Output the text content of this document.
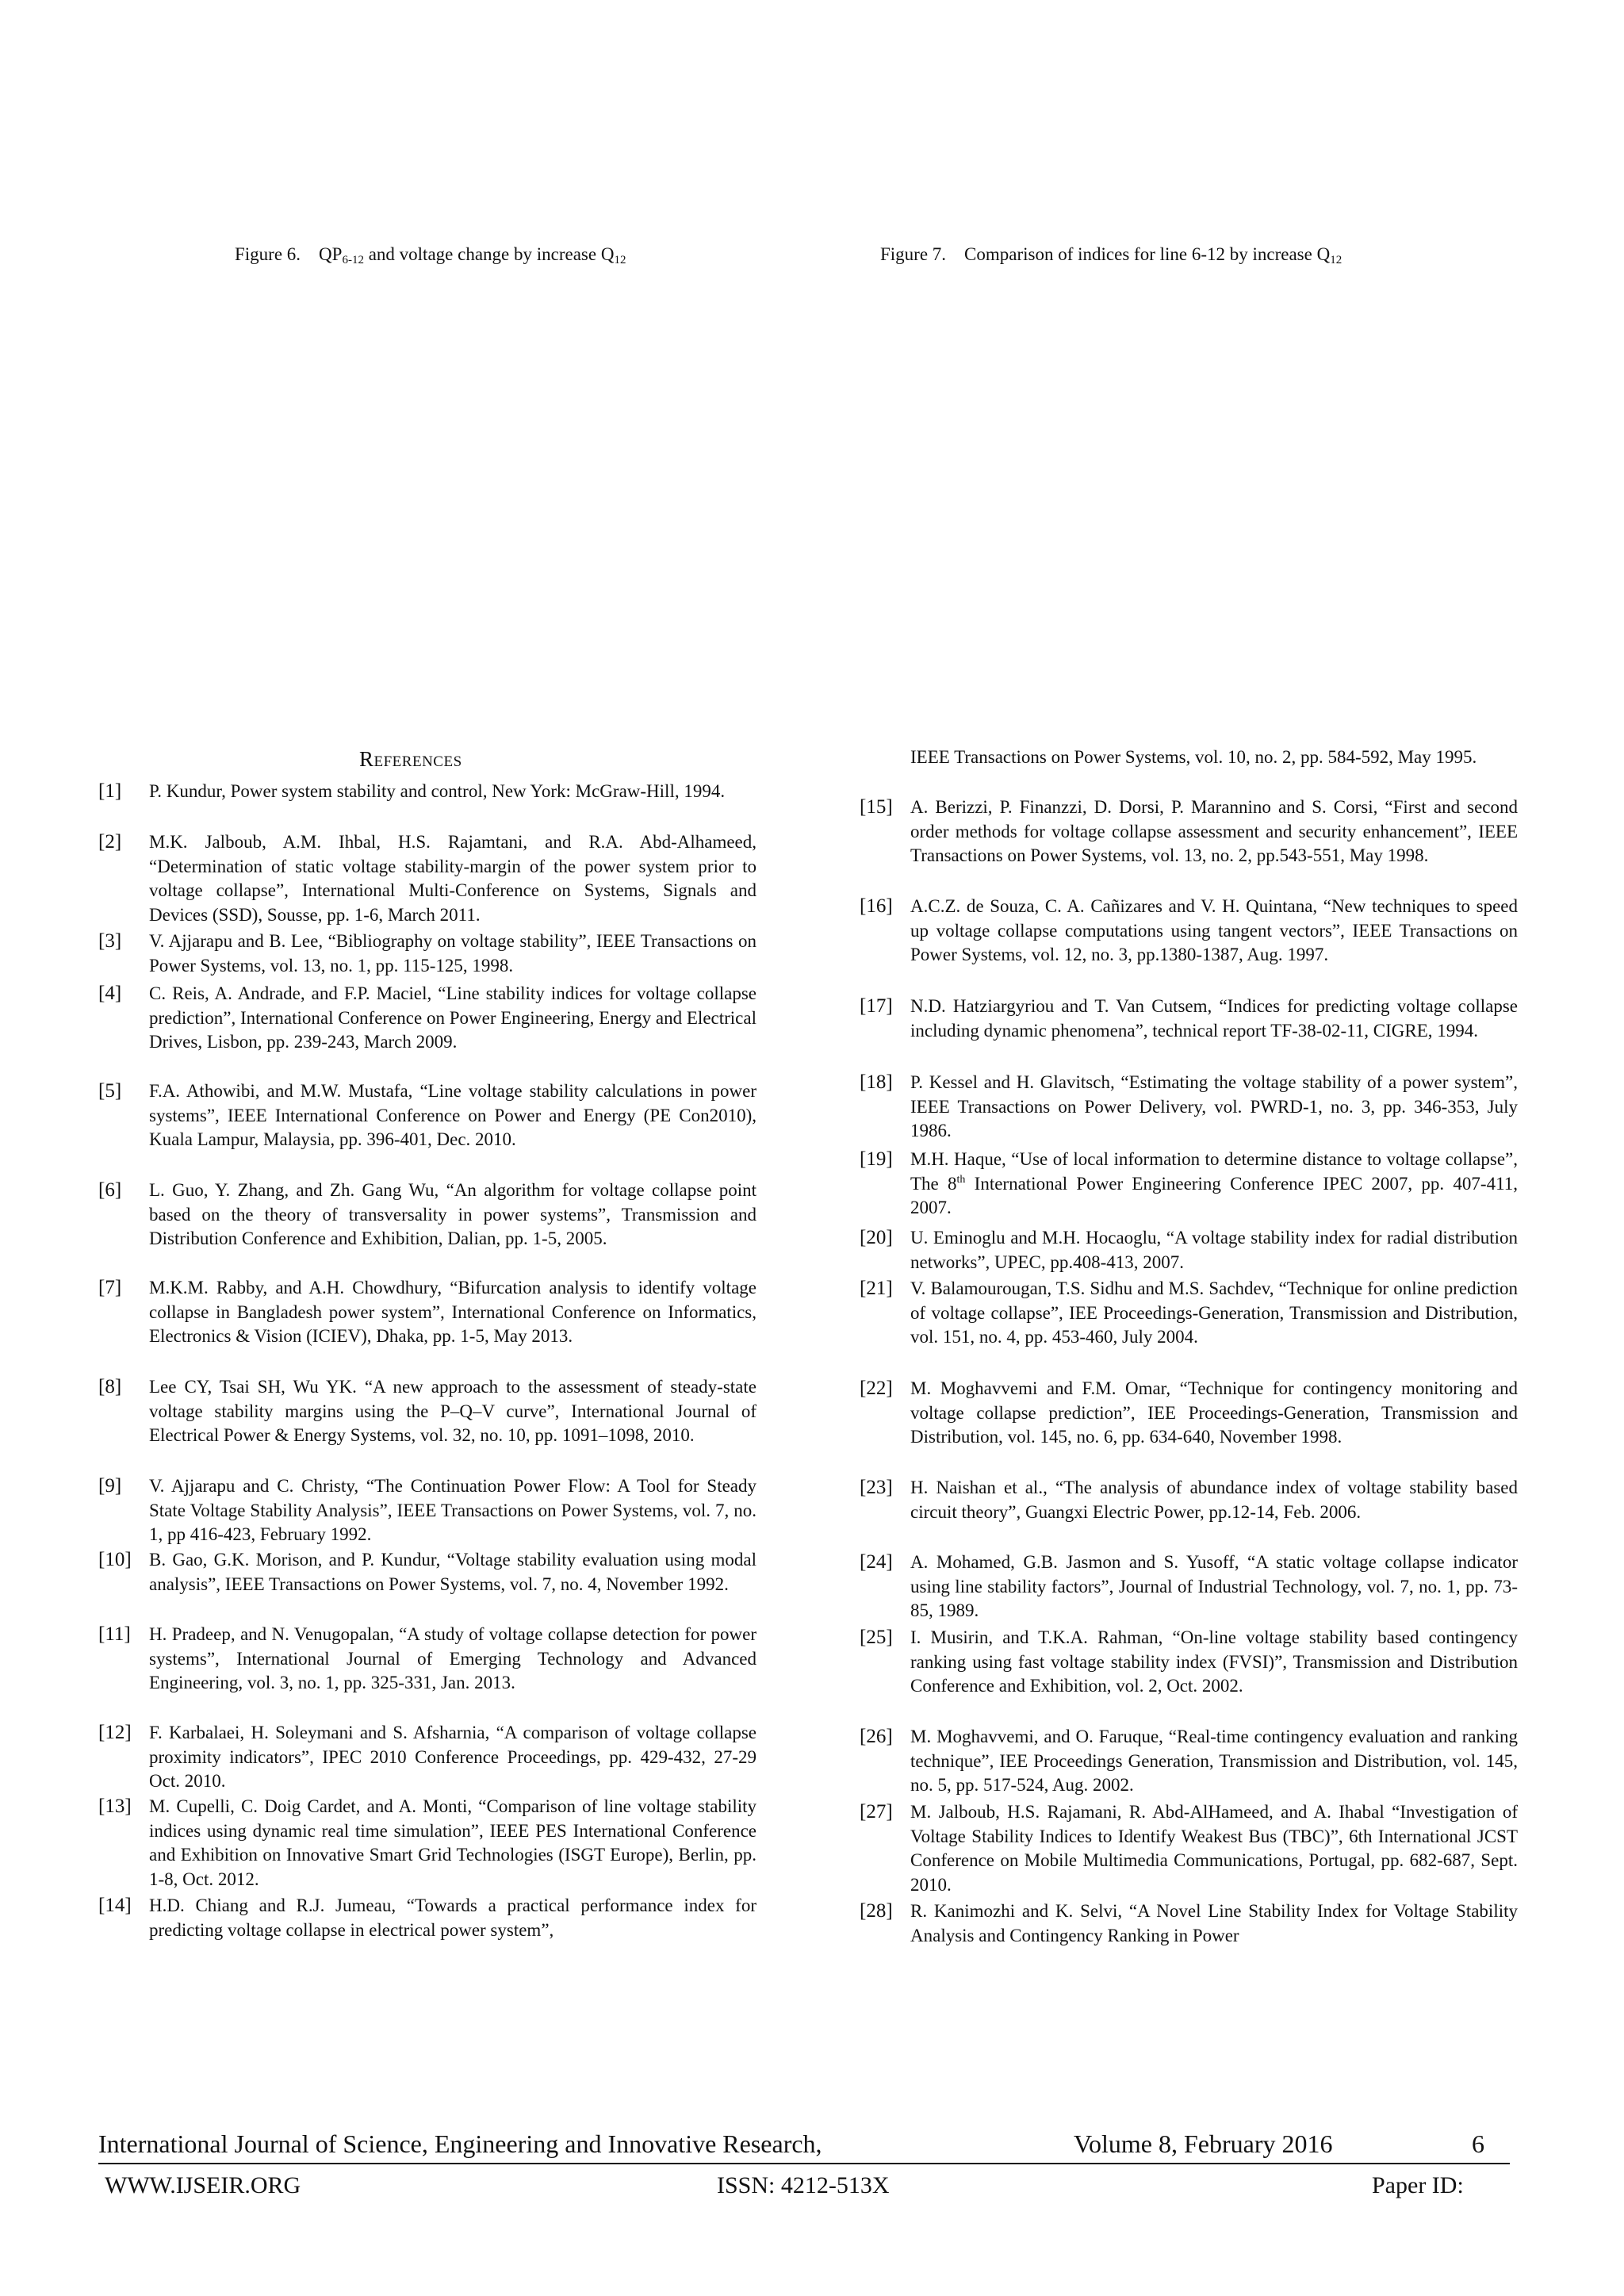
Figure 6. $QP_{6-12}$ and voltage change by increase $Q_{12}$	Figure 7. Comparison of indices for line 6-12 by increase $Q_{12}$
References
[1]	P. Kundur, Power system stability and control, New York: McGraw-Hill, 1994.
[2]	M.K. Jalboub, A.M. Ihbal, H.S. Rajamtani, and R.A. Abd-Alhameed, “Determination of static voltage stability-margin of the power system prior to voltage collapse”, International Multi-Conference on Systems, Signals and Devices (SSD), Sousse, pp. 1-6, March 2011.
[3]	V. Ajjarapu and B. Lee, “Bibliography on voltage stability”, IEEE Transactions on Power Systems, vol. 13, no. 1, pp. 115-125, 1998.
[4]	C. Reis, A. Andrade, and F.P. Maciel, “Line stability indices for voltage collapse prediction”, International Conference on Power Engineering, Energy and Electrical Drives, Lisbon, pp. 239-243, March 2009.
[5]	F.A. Athowibi, and M.W. Mustafa, “Line voltage stability calculations in power systems”, IEEE International Conference on Power and Energy (PE Con2010), Kuala Lampur, Malaysia, pp. 396-401, Dec. 2010.
[6]	L. Guo, Y. Zhang, and Zh. Gang Wu, “An algorithm for voltage collapse point based on the theory of transversality in power systems”, Transmission and Distribution Conference and Exhibition, Dalian, pp. 1-5, 2005.
[7]	M.K.M. Rabby, and A.H. Chowdhury, “Bifurcation analysis to identify voltage collapse in Bangladesh power system”, International Conference on Informatics, Electronics & Vision (ICIEV), Dhaka, pp. 1-5, May 2013.
[8]	Lee CY, Tsai SH, Wu YK. “A new approach to the assessment of steady-state voltage stability margins using the P–Q–V curve”, International Journal of Electrical Power & Energy Systems, vol. 32, no. 10, pp. 1091–1098, 2010.
[9]	V. Ajjarapu and C. Christy, “The Continuation Power Flow: A Tool for Steady State Voltage Stability Analysis”, IEEE Transactions on Power Systems, vol. 7, no. 1, pp 416-423, February 1992.
[10] B. Gao, G.K. Morison, and P. Kundur, “Voltage stability evaluation using modal analysis”, IEEE Transactions on Power Systems, vol. 7, no. 4, November 1992.
[11]	H. Pradeep, and N. Venugopalan, “A study of voltage collapse detection for power systems”, International Journal of Emerging Technology and Advanced Engineering, vol. 3, no. 1, pp. 325-331, Jan. 2013.
[12] F. Karbalaei, H. Soleymani and S. Afsharnia, “A comparison of voltage collapse proximity indicators”, IPEC 2010 Conference Proceedings, pp. 429-432, 27-29 Oct. 2010.
[13] M. Cupelli, C. Doig Cardet, and A. Monti, “Comparison of line voltage stability indices using dynamic real time simulation”, IEEE PES International Conference and Exhibition on Innovative Smart Grid Technologies (ISGT Europe), Berlin, pp. 1-8, Oct. 2012.
[14] H.D. Chiang and R.J. Jumeau, “Towards a practical performance index for predicting voltage collapse in electrical power system”,
IEEE Transactions on Power Systems, vol. 10, no. 2, pp. 584-592, May 1995.
[15] A. Berizzi, P. Finanzzi, D. Dorsi, P. Marannino and S. Corsi, “First and second order methods for voltage collapse assessment and security enhancement”, IEEE Transactions on Power Systems, vol. 13, no. 2, pp.543-551, May 1998.
[16] A.C.Z. de Souza, C. A. Cañizares and V. H. Quintana, “New techniques to speed up voltage collapse computations using tangent vectors”, IEEE Transactions on Power Systems, vol. 12, no. 3, pp.1380-1387, Aug. 1997.
[17] N.D. Hatziargyriou and T. Van Cutsem, “Indices for predicting voltage collapse including dynamic phenomena”, technical report TF-38-02-11, CIGRE, 1994.
[18] P. Kessel and H. Glavitsch, “Estimating the voltage stability of a power system”, IEEE Transactions on Power Delivery, vol. PWRD-1, no. 3, pp. 346-353, July 1986.
[19] M.H. Haque, “Use of local information to determine distance to voltage collapse”, The 8th International Power Engineering Conference IPEC 2007, pp. 407-411, 2007.
[20] U. Eminoglu and M.H. Hocaoglu, “A voltage stability index for radial distribution networks”, UPEC, pp.408-413, 2007.
[21] V. Balamourougan, T.S. Sidhu and M.S. Sachdev, “Technique for online prediction of voltage collapse”, IEE Proceedings-Generation, Transmission and Distribution, vol. 151, no. 4, pp. 453-460, July 2004.
[22] M. Moghavvemi and F.M. Omar, “Technique for contingency monitoring and voltage collapse prediction”, IEE Proceedings-Generation, Transmission and Distribution, vol. 145, no. 6, pp. 634-640, November 1998.
[23] H. Naishan et al., “The analysis of abundance index of voltage stability based circuit theory”, Guangxi Electric Power, pp.12-14, Feb. 2006.
[24] A. Mohamed, G.B. Jasmon and S. Yusoff, “A static voltage collapse indicator using line stability factors”, Journal of Industrial Technology, vol. 7, no. 1, pp. 73-85, 1989.
[25] I. Musirin, and T.K.A. Rahman, “On-line voltage stability based contingency ranking using fast voltage stability index (FVSI)”, Transmission and Distribution Conference and Exhibition, vol. 2, Oct. 2002.
[26] M. Moghavvemi, and O. Faruque, “Real-time contingency evaluation and ranking technique”, IEE Proceedings Generation, Transmission and Distribution, vol. 145, no. 5, pp. 517-524, Aug. 2002.
[27] M. Jalboub, H.S. Rajamani, R. Abd-AlHameed, and A. Ihabal “Investigation of Voltage Stability Indices to Identify Weakest Bus (TBC)”, 6th International JCST Conference on Mobile Multimedia Communications, Portugal, pp. 682-687, Sept. 2010.
[28] R. Kanimozhi and K. Selvi, “A Novel Line Stability Index for Voltage Stability Analysis and Contingency Ranking in Power
International Journal of Science, Engineering and Innovative Research,	Volume 8, February 2016	6
WWW.IJSEIR.ORG	ISSN: 4212-513X	Paper ID:
